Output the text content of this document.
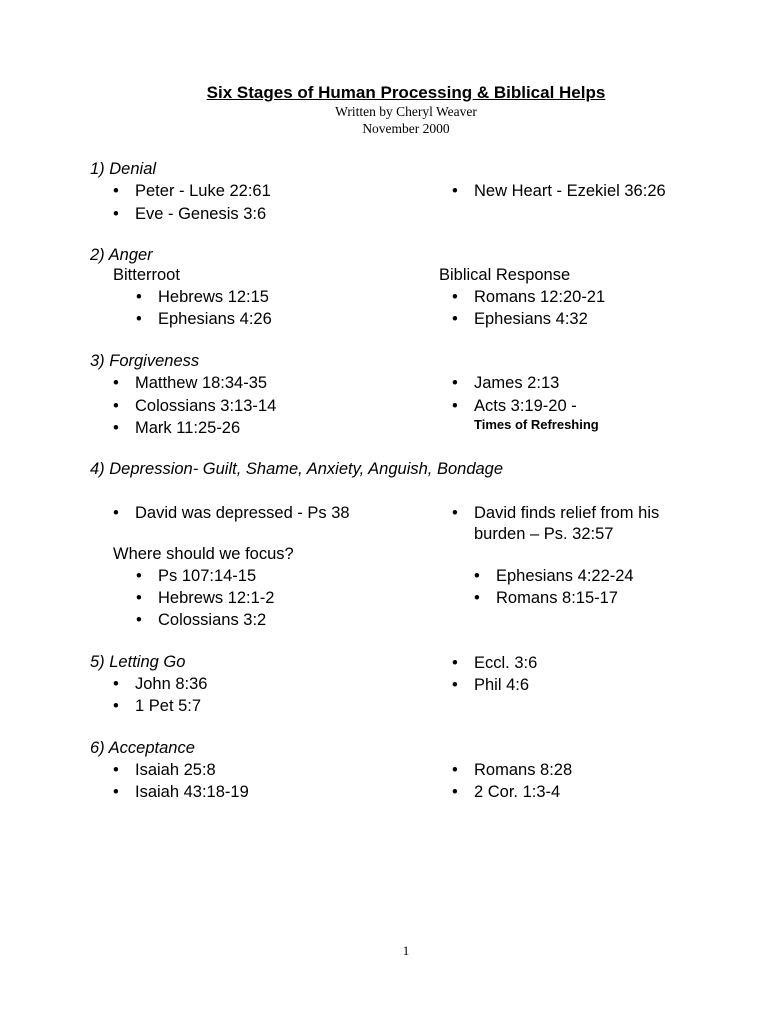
Six Stages of Human Processing & Biblical Helps
Written by Cheryl Weaver
November 2000
1) Denial
• Peter - Luke 22:61
• Eve - Genesis 3:6
• New Heart - Ezekiel 36:26
2) Anger
Bitterroot	Biblical Response
• Hebrews 12:15
• Ephesians 4:26
• Romans 12:20-21
• Ephesians 4:32
3) Forgiveness
• Matthew 18:34-35
• Colossians 3:13-14
• Mark 11:25-26
• James 2:13
• Acts 3:19-20 -
Times of Refreshing
4) Depression- Guilt, Shame, Anxiety, Anguish, Bondage
• David was depressed - Ps 38	• David finds relief from his
burden – Ps. 32:57
Where should we focus?
• Ps 107:14-15
• Hebrews 12:1-2
• Colossians 3:2
• Ephesians 4:22-24
• Romans 8:15-17
5) Letting Go
• John 8:36
• 1 Pet 5:7
• Eccl. 3:6
• Phil 4:6
6) Acceptance
• Isaiah 25:8
• Isaiah 43:18-19
• Romans 8:28
• 2 Cor. 1:3-4
1
